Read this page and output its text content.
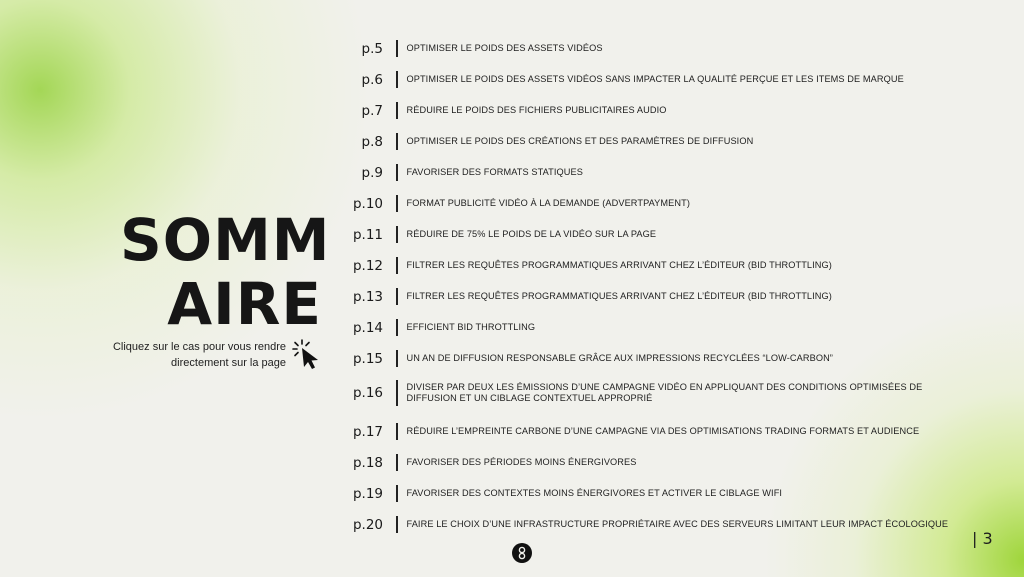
SOMM
AIRE
Cliquez sur le cas pour vous rendre directement sur la page
p.5	OPTIMISER LE POIDS DES ASSETS VIDÉOS
p.6	OPTIMISER LE POIDS DES ASSETS VIDÉOS SANS IMPACTER LA QUALITÉ PERÇUE ET LES ITEMS DE MARQUE
p.7	RÉDUIRE LE POIDS DES FICHIERS PUBLICITAIRES AUDIO
p.8	OPTIMISER LE POIDS DES CRÉATIONS ET DES PARAMÈTRES DE DIFFUSION
p.9	FAVORISER DES FORMATS STATIQUES
p.10	FORMAT PUBLICITÉ VIDÉO À LA DEMANDE (ADVERTPAYMENT)
p.11	RÉDUIRE DE 75% LE POIDS DE LA VIDÉO SUR LA PAGE
p.12	FILTRER LES REQUÊTES PROGRAMMATIQUES ARRIVANT CHEZ L’ÉDITEUR (BID THROTTLING)
p.13	FILTRER LES REQUÊTES PROGRAMMATIQUES ARRIVANT CHEZ L’ÉDITEUR (BID THROTTLING)
p.14	EFFICIENT BID THROTTLING
p.15	UN AN DE DIFFUSION RESPONSABLE GRÂCE AUX IMPRESSIONS RECYCLÉES “LOW-CARBON”
p.16	DIVISER PAR DEUX LES ÉMISSIONS D’UNE CAMPAGNE VIDÉO EN APPLIQUANT DES CONDITIONS OPTIMISÉES DE DIFFUSION ET UN CIBLAGE CONTEXTUEL APPROPRIÉ
p.17	RÉDUIRE L’EMPREINTE CARBONE D’UNE CAMPAGNE VIA DES OPTIMISATIONS TRADING FORMATS ET AUDIENCE
p.18	FAVORISER DES PÉRIODES MOINS ÉNERGIVORES
p.19	FAVORISER DES CONTEXTES MOINS ÉNERGIVORES ET ACTIVER LE CIBLAGE WIFI
p.20	FAIRE LE CHOIX D’UNE INFRASTRUCTURE PROPRIÉTAIRE AVEC DES SERVEURS LIMITANT LEUR IMPACT ÉCOLOGIQUE
| 3
